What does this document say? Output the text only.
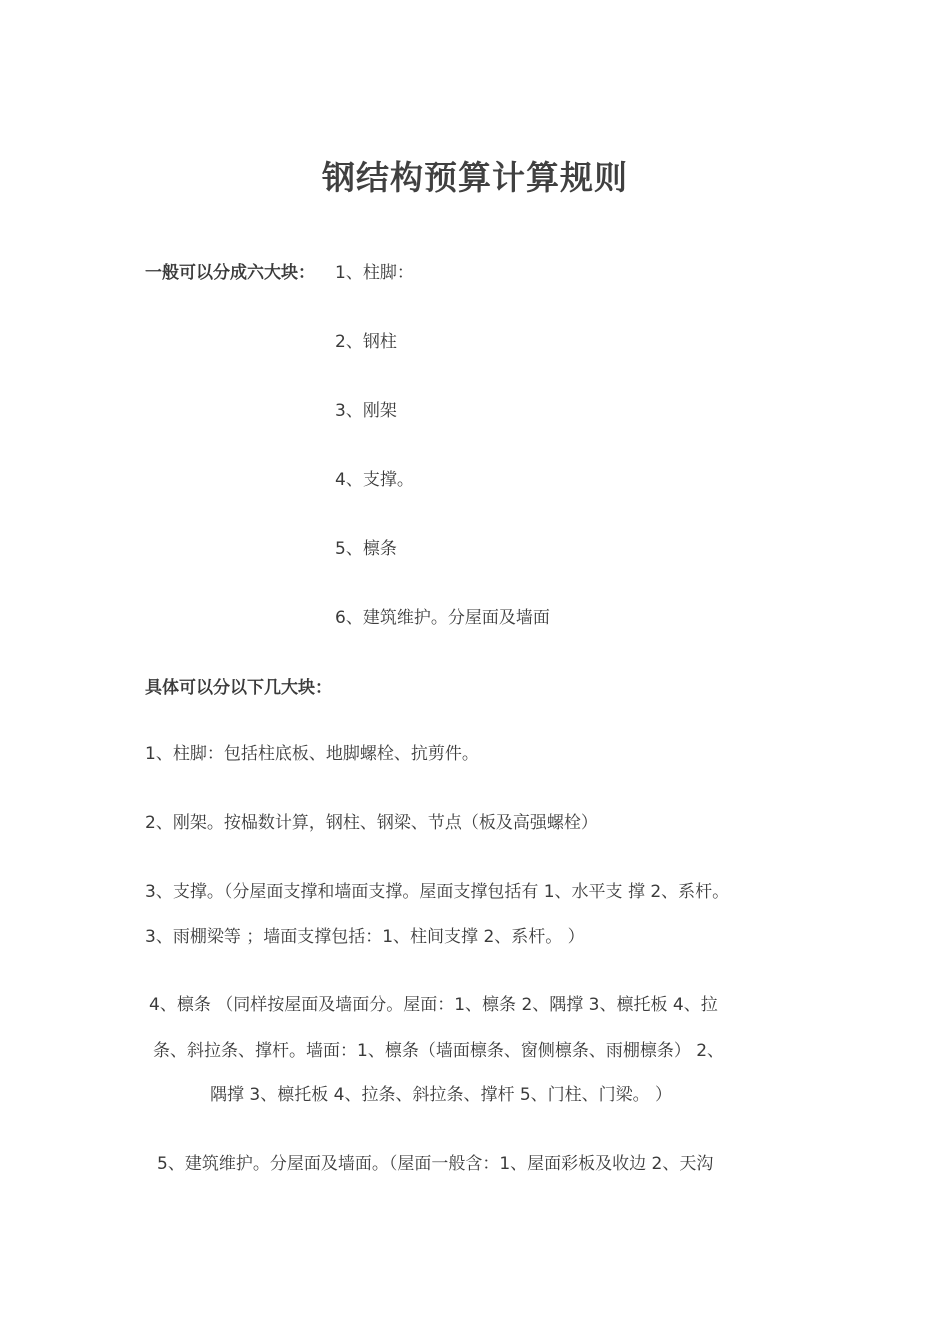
钢结构预算计算规则
一般可以分成六大块： 1、柱脚：
2、钢柱
3、刚架
4、支撑。
5、檩条
6、建筑维护。分屋面及墙面
具体可以分以下几大块：
1、柱脚：包括柱底板、地脚螺栓、抗剪件。
2、刚架。按榀数计算，钢柱、钢梁、节点（板及高强螺栓）
3、支撑。（分屋面支撑和墙面支撑。屋面支撑包括有 1、水平支 撑 2、系杆。
3、雨棚梁等 ；墙面支撑包括：1、柱间支撑 2、系杆。 ）
4、檩条 （同样按屋面及墙面分。屋面：1、檩条 2、隅撑 3、檩托板 4、拉
条、斜拉条、撑杆。墙面：1、檩条（墙面檩条、窗侧檩条、雨棚檩条） 2、
隅撑 3、檩托板 4、拉条、斜拉条、撑杆 5、门柱、门梁。 ）
5、建筑维护。分屋面及墙面。（屋面一般含：1、屋面彩板及收边 2、天沟
